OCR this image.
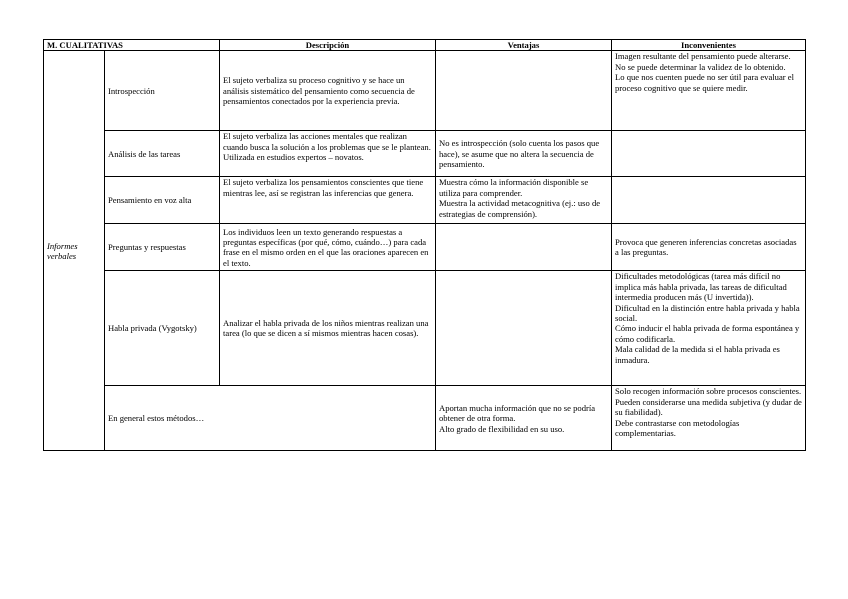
M. CUALITATIVAS		Descripción	Ventajas	Inconvenientes
Informes verbales	Introspección	El sujeto verbaliza su proceso cognitivo y se hace un análisis sistemático del pensamiento como secuencia de pensamientos conectados por la experiencia previa.		Imagen resultante del pensamiento puede alterarse.
No se puede determinar la validez de lo obtenido.
Lo que nos cuenten puede no ser útil para evaluar el proceso cognitivo que se quiere medir.

	Análisis de las tareas	El sujeto verbaliza las acciones mentales que realizan cuando busca la solución a los problemas que se le plantean. Utilizada en estudios expertos – novatos.	No es introspección (solo cuenta los pasos que hace), se asume que no altera la secuencia de pensamiento.	
	Pensamiento en voz alta	El sujeto verbaliza los pensamientos conscientes que tiene mientras lee, así se registran las inferencias que genera.	Muestra cómo la información disponible se utiliza para comprender.
Muestra la actividad metacognitiva (ej.: uso de estrategias de comprensión).	

	Preguntas y respuestas	Los individuos leen un texto generando respuestas a preguntas específicas (por qué, cómo, cuándo…) para cada frase en el mismo orden en el que las oraciones aparecen en el texto.		Provoca que generen inferencias concretas asociadas a las preguntas.

	Habla privada (Vygotsky)	Analizar el habla privada de los niños mientras realizan una tarea (lo que se dicen a sí mismos mientras hacen cosas).		Dificultades metodológicas (tarea más difícil no implica más habla privada, las tareas de dificultad intermedia producen más (U invertida)).
Dificultad en la distinción entre habla privada y habla social.
Cómo inducir el habla privada de forma espontánea y cómo codificarla.
Mala calidad de la medida si el habla privada es inmadura.

	En general estos métodos…		Aportan mucha información que no se podría obtener de otra forma.
Alto grado de flexibilidad en su uso.	Solo recogen información sobre procesos conscientes.
Pueden considerarse una medida subjetiva (y dudar de su fiabilidad).
Debe contrastarse con metodologías complementarias.
